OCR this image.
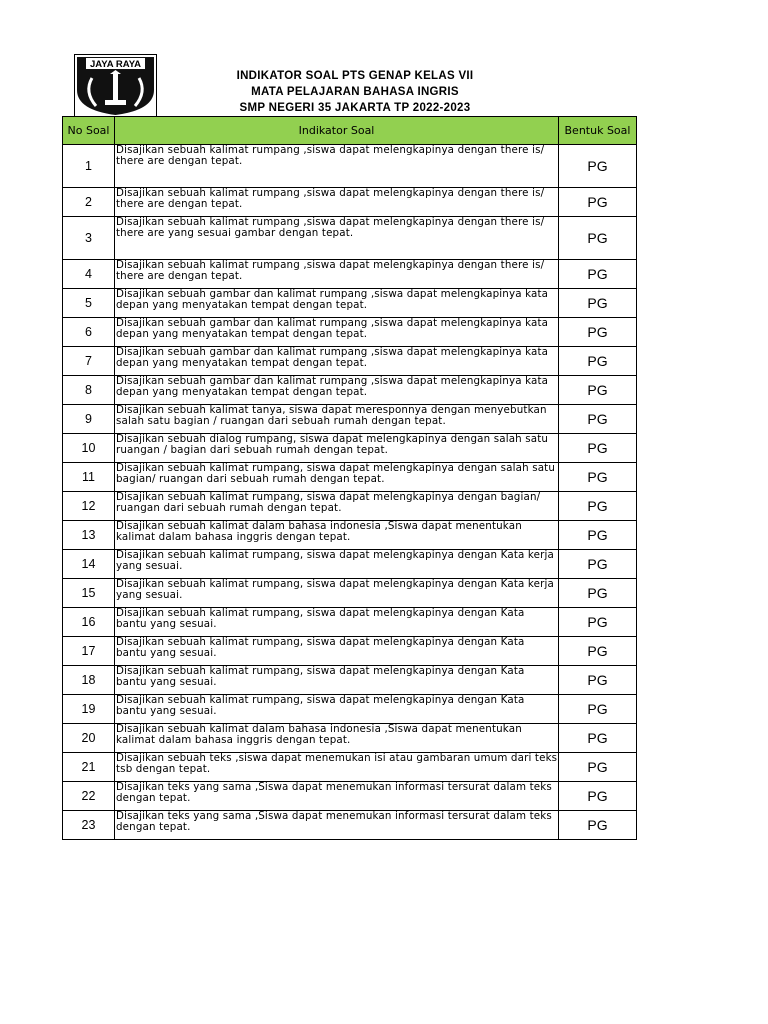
JAYA RAYA
INDIKATOR SOAL PTS GENAP KELAS VII
MATA PELAJARAN BAHASA INGRIS
SMP NEGERI 35 JAKARTA TP 2022-2023
No Soal	Indikator Soal	Bentuk Soal
1	Disajikan sebuah kalimat rumpang ,siswa dapat melengkapinya dengan there is/ there are dengan tepat.	PG
2	Disajikan sebuah kalimat rumpang ,siswa dapat melengkapinya dengan there is/ there are dengan tepat.	PG
3	Disajikan sebuah kalimat rumpang ,siswa dapat melengkapinya dengan there is/ there are yang sesuai gambar dengan tepat.	PG
4	Disajikan sebuah kalimat rumpang ,siswa dapat melengkapinya dengan there is/ there are dengan tepat.	PG
5	Disajikan sebuah gambar dan kalimat rumpang ,siswa dapat melengkapinya kata depan yang menyatakan tempat dengan tepat.	PG
6	Disajikan sebuah gambar dan kalimat rumpang ,siswa dapat melengkapinya kata depan yang menyatakan tempat dengan tepat.	PG
7	Disajikan sebuah gambar dan kalimat rumpang ,siswa dapat melengkapinya kata depan yang menyatakan tempat dengan tepat.	PG
8	Disajikan sebuah gambar dan kalimat rumpang ,siswa dapat melengkapinya kata depan yang menyatakan tempat dengan tepat.	PG
9	Disajikan sebuah kalimat tanya, siswa dapat meresponnya dengan menyebutkan salah satu bagian / ruangan dari sebuah rumah dengan tepat.	PG
10	Disajikan sebuah dialog rumpang, siswa dapat melengkapinya dengan salah satu ruangan / bagian dari sebuah rumah dengan tepat.	PG
11	Disajikan sebuah kalimat rumpang, siswa dapat melengkapinya dengan salah satu bagian/ ruangan dari sebuah rumah dengan tepat.	PG
12	Disajikan sebuah kalimat rumpang, siswa dapat melengkapinya dengan bagian/ ruangan dari sebuah rumah dengan tepat.	PG
13	Disajikan sebuah kalimat dalam bahasa indonesia ,Siswa dapat menentukan kalimat dalam bahasa inggris dengan tepat.	PG
14	Disajikan sebuah kalimat rumpang, siswa dapat melengkapinya dengan Kata kerja yang sesuai.	PG
15	Disajikan sebuah kalimat rumpang, siswa dapat melengkapinya dengan Kata kerja yang sesuai.	PG
16	Disajikan sebuah kalimat rumpang, siswa dapat melengkapinya dengan Kata bantu yang sesuai.	PG
17	Disajikan sebuah kalimat rumpang, siswa dapat melengkapinya dengan Kata bantu yang sesuai.	PG
18	Disajikan sebuah kalimat rumpang, siswa dapat melengkapinya dengan Kata bantu yang sesuai.	PG
19	Disajikan sebuah kalimat rumpang, siswa dapat melengkapinya dengan Kata bantu yang sesuai.	PG
20	Disajikan sebuah kalimat dalam bahasa indonesia ,Siswa dapat menentukan kalimat dalam bahasa inggris dengan tepat.	PG
21	Disajikan sebuah teks ,siswa dapat menemukan isi atau gambaran umum dari teks tsb dengan tepat.	PG
22	Disajikan teks yang sama ,Siswa dapat menemukan informasi tersurat dalam teks dengan tepat.	PG
23	Disajikan teks yang sama ,Siswa dapat menemukan informasi tersurat dalam teks dengan tepat.	PG
